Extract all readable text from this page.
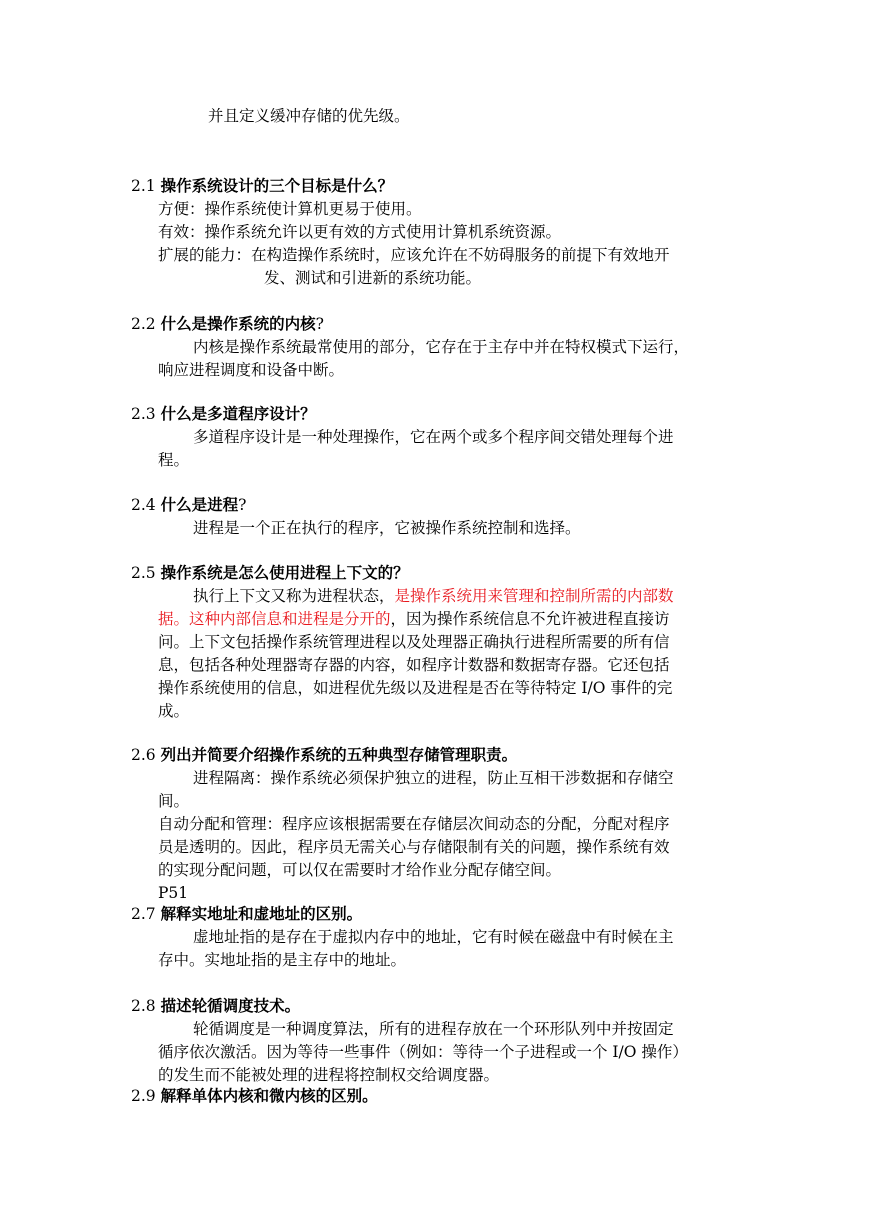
并且定义缓冲存储的优先级。
2.1 操作系统设计的三个目标是什么？
方便：操作系统使计算机更易于使用。
有效：操作系统允许以更有效的方式使用计算机系统资源。
扩展的能力：在构造操作系统时，应该允许在不妨碍服务的前提下有效地开
发、测试和引进新的系统功能。
2.2 什么是操作系统的内核?
内核是操作系统最常使用的部分，它存在于主存中并在特权模式下运行，
响应进程调度和设备中断。
2.3 什么是多道程序设计？
多道程序设计是一种处理操作，它在两个或多个程序间交错处理每个进
程。
2.4 什么是进程?
进程是一个正在执行的程序，它被操作系统控制和选择。
2.5 操作系统是怎么使用进程上下文的？
执行上下文又称为进程状态，是操作系统用来管理和控制所需的内部数
据。这种内部信息和进程是分开的，因为操作系统信息不允许被进程直接访
问。上下文包括操作系统管理进程以及处理器正确执行进程所需要的所有信
息，包括各种处理器寄存器的内容，如程序计数器和数据寄存器。它还包括
操作系统使用的信息，如进程优先级以及进程是否在等待特定 I/O 事件的完
成。
2.6 列出并简要介绍操作系统的五种典型存储管理职责。
进程隔离：操作系统必须保护独立的进程，防止互相干涉数据和存储空
间。
自动分配和管理：程序应该根据需要在存储层次间动态的分配，分配对程序
员是透明的。因此，程序员无需关心与存储限制有关的问题，操作系统有效
的实现分配问题，可以仅在需要时才给作业分配存储空间。
P51
2.7 解释实地址和虚地址的区别。
虚地址指的是存在于虚拟内存中的地址，它有时候在磁盘中有时候在主
存中。实地址指的是主存中的地址。
2.8 描述轮循调度技术。
轮循调度是一种调度算法，所有的进程存放在一个环形队列中并按固定
循序依次激活。因为等待一些事件（例如：等待一个子进程或一个 I/O 操作）
的发生而不能被处理的进程将控制权交给调度器。
2.9 解释单体内核和微内核的区别。
